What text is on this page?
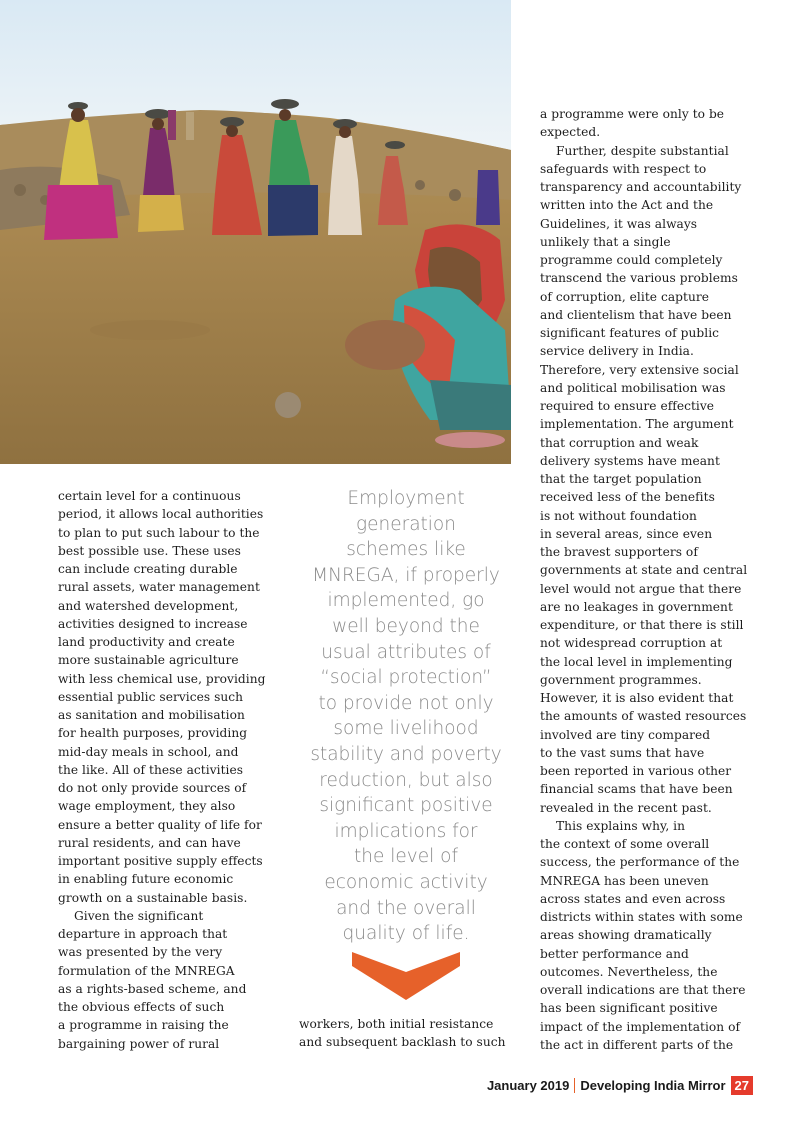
certain level for a continuous
period, it allows local authorities
to plan to put such labour to the
best possible use. These uses
can include creating durable
rural assets, water management
and watershed development,
activities designed to increase
land productivity and create
more sustainable agriculture
with less chemical use, providing
essential public services such
as sanitation and mobilisation
for health purposes, providing
mid-day meals in school, and
the like. All of these activities
do not only provide sources of
wage employment, they also
ensure a better quality of life for
rural residents, and can have
important positive supply effects
in enabling future economic
growth on a sustainable basis.
Given the significant
departure in approach that
was presented by the very
formulation of the MNREGA
as a rights-based scheme, and
the obvious effects of such
a programme in raising the
bargaining power of rural
Employment
generation
schemes like
MNREGA, if properly
implemented, go
well beyond the
usual attributes of
“social protection”
to provide not only
some livelihood
stability and poverty
reduction, but also
significant positive
implications for
the level of
economic activity
and the overall
quality of life.
workers, both initial resistance
and subsequent backlash to such
a programme were only to be
expected.
Further, despite substantial
safeguards with respect to
transparency and accountability
written into the Act and the
Guidelines, it was always
unlikely that a single
programme could completely
transcend the various problems
of corruption, elite capture
and clientelism that have been
significant features of public
service delivery in India.
Therefore, very extensive social
and political mobilisation was
required to ensure effective
implementation. The argument
that corruption and weak
delivery systems have meant
that the target population
received less of the benefits
is not without foundation
in several areas, since even
the bravest supporters of
governments at state and central
level would not argue that there
are no leakages in government
expenditure, or that there is still
not widespread corruption at
the local level in implementing
government programmes.
However, it is also evident that
the amounts of wasted resources
involved are tiny compared
to the vast sums that have
been reported in various other
financial scams that have been
revealed in the recent past.
This explains why, in
the context of some overall
success, the performance of the
MNREGA has been uneven
across states and even across
districts within states with some
areas showing dramatically
better performance and
outcomes. Nevertheless, the
overall indications are that there
has been significant positive
impact of the implementation of
the act in different parts of the
January 2019 Developing India Mirror 27
